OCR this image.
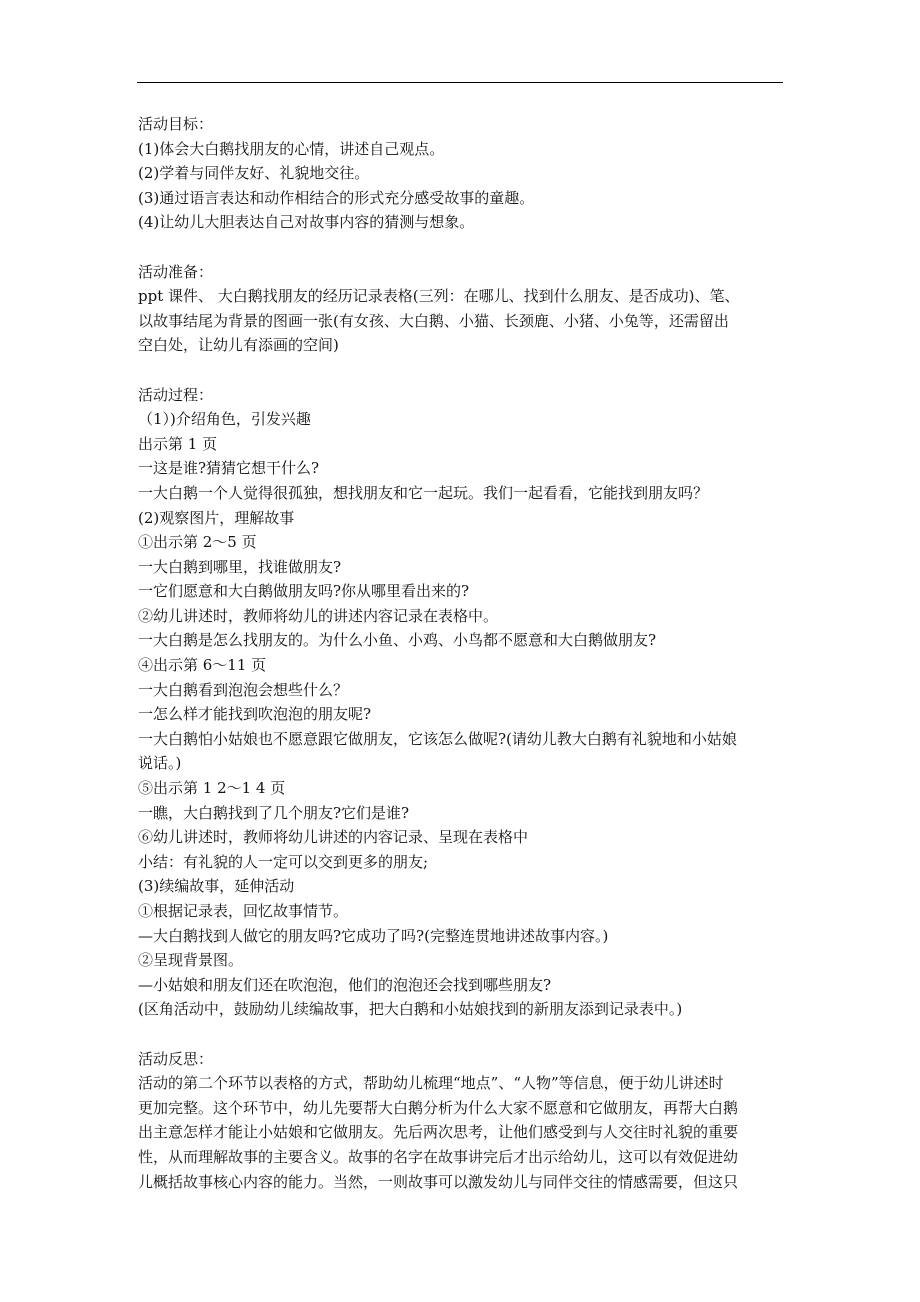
活动目标：

(1)体会大白鹅找朋友的心情，讲述自己观点。

(2)学着与同伴友好、礼貌地交往。

(3)通过语言表达和动作相结合的形式充分感受故事的童趣。

(4)让幼儿大胆表达自己对故事内容的猜测与想象。

活动准备：

ppt 课件、 大白鹅找朋友的经历记录表格(三列：在哪儿、找到什么朋友、是否成功)、笔、

以故事结尾为背景的图画一张(有女孩、大白鹅、小猫、长颈鹿、小猪、小兔等，还需留出

空白处，让幼儿有添画的空间)

活动过程：

（1）)介绍角色，引发兴趣

出示第 1 页

一这是谁?猜猜它想干什么?

一大白鹅一个人觉得很孤独，想找朋友和它一起玩。我们一起看看，它能找到朋友吗？

(2)观察图片，理解故事

①出示第 2～5 页

一大白鹅到哪里，找谁做朋友?

一它们愿意和大白鹅做朋友吗?你从哪里看出来的?

②幼儿讲述时，教师将幼儿的讲述内容记录在表格中。

一大白鹅是怎么找朋友的。为什么小鱼、小鸡、小鸟都不愿意和大白鹅做朋友?

④出示第 6～11 页

一大白鹅看到泡泡会想些什么？

一怎么样才能找到吹泡泡的朋友呢?

一大白鹅怕小姑娘也不愿意跟它做朋友，它该怎么做呢?(请幼儿教大白鹅有礼貌地和小姑娘

说话。)

⑤出示第 1 2～1 4 页

一瞧，大白鹅找到了几个朋友?它们是谁?

⑥幼儿讲述时，教师将幼儿讲述的内容记录、呈现在表格中

小结：有礼貌的人一定可以交到更多的朋友;

(3)续编故事，延伸活动

①根据记录表，回忆故事情节。

—大白鹅找到人做它的朋友吗?它成功了吗?(完整连贯地讲述故事内容。)

②呈现背景图。

—小姑娘和朋友们还在吹泡泡，他们的泡泡还会找到哪些朋友?

(区角活动中，鼓励幼儿续编故事，把大白鹅和小姑娘找到的新朋友添到记录表中。)

活动反思：

活动的第二个环节以表格的方式，帮助幼儿梳理“地点”、“人物”等信息，便于幼儿讲述时

更加完整。这个环节中，幼儿先要帮大白鹅分析为什么大家不愿意和它做朋友，再帮大白鹅

出主意怎样才能让小姑娘和它做朋友。先后两次思考，让他们感受到与人交往时礼貌的重要

性，从而理解故事的主要含义。故事的名字在故事讲完后才出示给幼儿，这可以有效促进幼

儿概括故事核心内容的能力。当然，一则故事可以激发幼儿与同伴交往的情感需要，但这只
